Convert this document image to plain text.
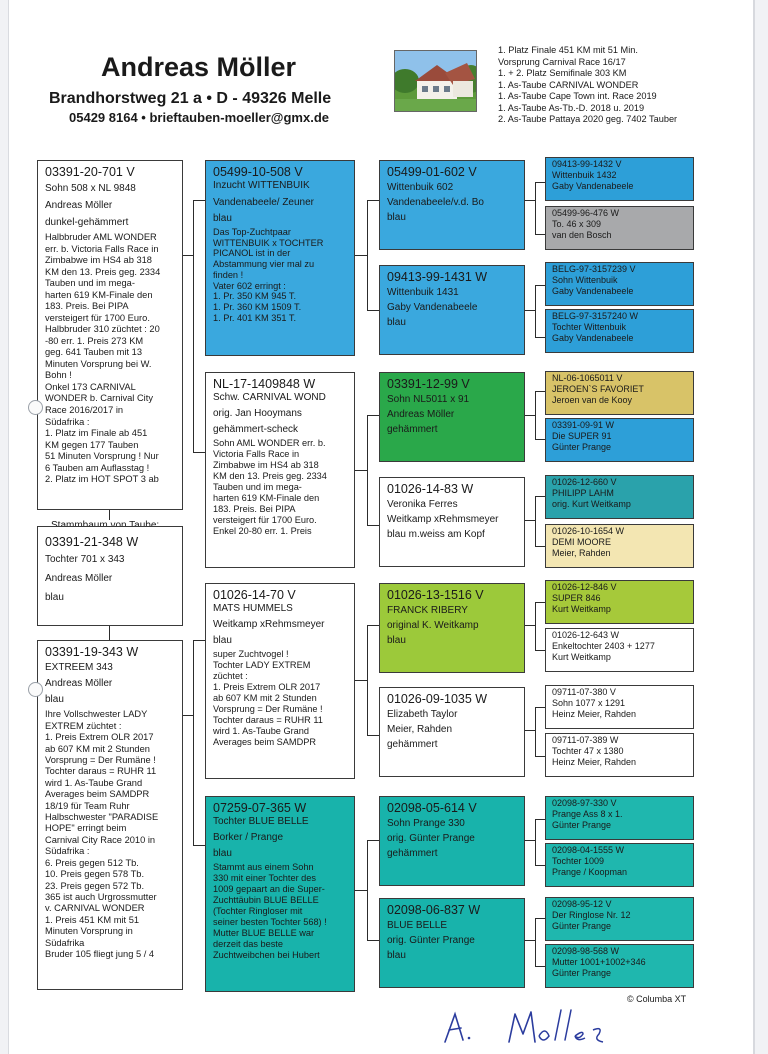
Andreas Möller
Brandhorstweg 21 a • D - 49326 Melle
05429 8164 • brieftauben-moeller@gmx.de
1. Platz Finale 451 KM mit 51 Min.
Vorsprung Carnival Race 16/17
1. + 2. Platz Semifinale 303 KM
1. As-Taube CARNIVAL WONDER
1. As-Taube Cape Town int. Race 2019
1. As-Taube As-Tb.-D. 2018 u. 2019
2. As-Taube Pattaya 2020 geg. 7402 Tauber
03391-20-701 V
Sohn 508 x NL 9848
Andreas Möller
dunkel-gehämmert
Halbbruder AML WONDER
err. b. Victoria Falls Race in
Zimbabwe im HS4 ab 318
KM den 13. Preis geg. 2334
Tauben und im mega-
harten 619 KM-Finale den
183. Preis. Bei PIPA
versteigert für 1700 Euro.
Halbbruder 310 züchtet : 20
-80 err. 1. Preis 273 KM
geg. 641 Tauben mit 13
Minuten Vorsprung bei W.
Bohn !
Onkel 173 CARNIVAL
WONDER b. Carnival City
Race 2016/2017 in
Südafrika :
1. Platz im Finale ab 451
KM gegen 177 Tauben
51 Minuten Vorsprung ! Nur
6 Tauben am Auflasstag !
2. Platz im HOT SPOT 3 ab
03391-21-348 W
Tochter 701 x 343
Andreas Möller
blau
03391-19-343 W
EXTREEM 343
Andreas Möller
blau
Ihre Vollschwester LADY
EXTREM züchtet :
1. Preis Extrem OLR 2017
ab 607 KM mit 2 Stunden
Vorsprung = Der Rumäne !
Tochter daraus = RUHR 11
wird 1. As-Taube Grand
Averages beim SAMDPR
18/19 für Team Ruhr
Halbschwester "PARADISE
HOPE" erringt beim
Carnival City Race 2010 in
Südafrika :
6. Preis gegen 512 Tb.
10. Preis gegen 578 Tb.
23. Preis gegen 572 Tb.
365 ist auch Urgrossmutter
v. CARNIVAL WONDER
1. Preis 451 KM mit 51
Minuten Vorsprung in
Südafrika
Bruder 105 fliegt jung 5 / 4
05499-10-508 V
Inzucht WITTENBUIK
Vandenabeele/ Zeuner
blau
Das Top-Zuchtpaar
WITTENBUIK x TOCHTER
PICANOL ist in der
Abstammung vier mal zu
finden !
Vater 602 erringt :
1. Pr. 350 KM 945 T.
1. Pr. 360 KM 1509 T.
1. Pr. 401 KM 351 T.
NL-17-1409848 W
Schw. CARNIVAL WOND
orig. Jan Hooymans
gehämmert-scheck
Sohn AML WONDER err. b.
Victoria Falls Race in
Zimbabwe im HS4 ab 318
KM den 13. Preis geg. 2334
Tauben und im mega-
harten 619 KM-Finale den
183. Preis. Bei PIPA
versteigert für 1700 Euro.
Enkel 20-80 err. 1. Preis
01026-14-70 V
MATS HUMMELS
Weitkamp xRehmsmeyer
blau
super Zuchtvogel !
Tochter LADY EXTREM
züchtet :
1. Preis Extrem OLR 2017
ab 607 KM mit 2 Stunden
Vorsprung = Der Rumäne !
Tochter daraus = RUHR 11
wird 1. As-Taube Grand
Averages beim SAMDPR
07259-07-365 W
Tochter BLUE BELLE
Borker / Prange
blau
Stammt aus einem Sohn
330 mit einer Tochter des
1009 gepaart an die Super-
Zuchttäubin BLUE BELLE
(Tochter Ringloser mit
seiner besten Tochter 568) !
Mutter BLUE BELLE war
derzeit das beste
Zuchtweibchen bei Hubert
05499-01-602 V
Wittenbuik 602
Vandenabeele/v.d. Bo
blau
09413-99-1431 W
Wittenbuik 1431
Gaby Vandenabeele
blau
03391-12-99 V
Sohn NL5011 x 91
Andreas Möller
gehämmert
01026-14-83 W
Veronika Ferres
Weitkamp xRehmsmeyer
blau m.weiss am Kopf
01026-13-1516 V
FRANCK RIBERY
original K. Weitkamp
blau
01026-09-1035 W
Elizabeth Taylor
Meier, Rahden
gehämmert
02098-05-614 V
Sohn Prange 330
orig. Günter Prange
gehämmert
02098-06-837 W
BLUE BELLE
orig. Günter Prange
blau
09413-99-1432 V
Wittenbuik 1432
Gaby Vandenabeele
05499-96-476 W
To. 46 x 309
van den Bosch
BELG-97-3157239 V
Sohn Wittenbuik
Gaby Vandenabeele
BELG-97-3157240 W
Tochter Wittenbuik
Gaby Vandenabeele
NL-06-1065011 V
JEROEN`S FAVORIET
Jeroen van de Kooy
03391-09-91 W
Die SUPER 91
Günter Prange
01026-12-660 V
PHILIPP LAHM
orig. Kurt Weitkamp
01026-10-1654 W
DEMI MOORE
Meier, Rahden
01026-12-846 V
SUPER 846
Kurt Weitkamp
01026-12-643 W
Enkeltochter 2403 + 1277
Kurt Weitkamp
09711-07-380 V
Sohn 1077 x 1291
Heinz Meier, Rahden
09711-07-389 W
Tochter 47 x 1380
Heinz Meier, Rahden
02098-97-330 V
Prange Ass 8 x 1.
Günter Prange
02098-04-1555 W
Tochter 1009
Prange / Koopman
02098-95-12 V
Der Ringlose Nr. 12
Günter Prange
02098-98-568 W
Mutter 1001+1002+346
Günter Prange
© Columba XT
